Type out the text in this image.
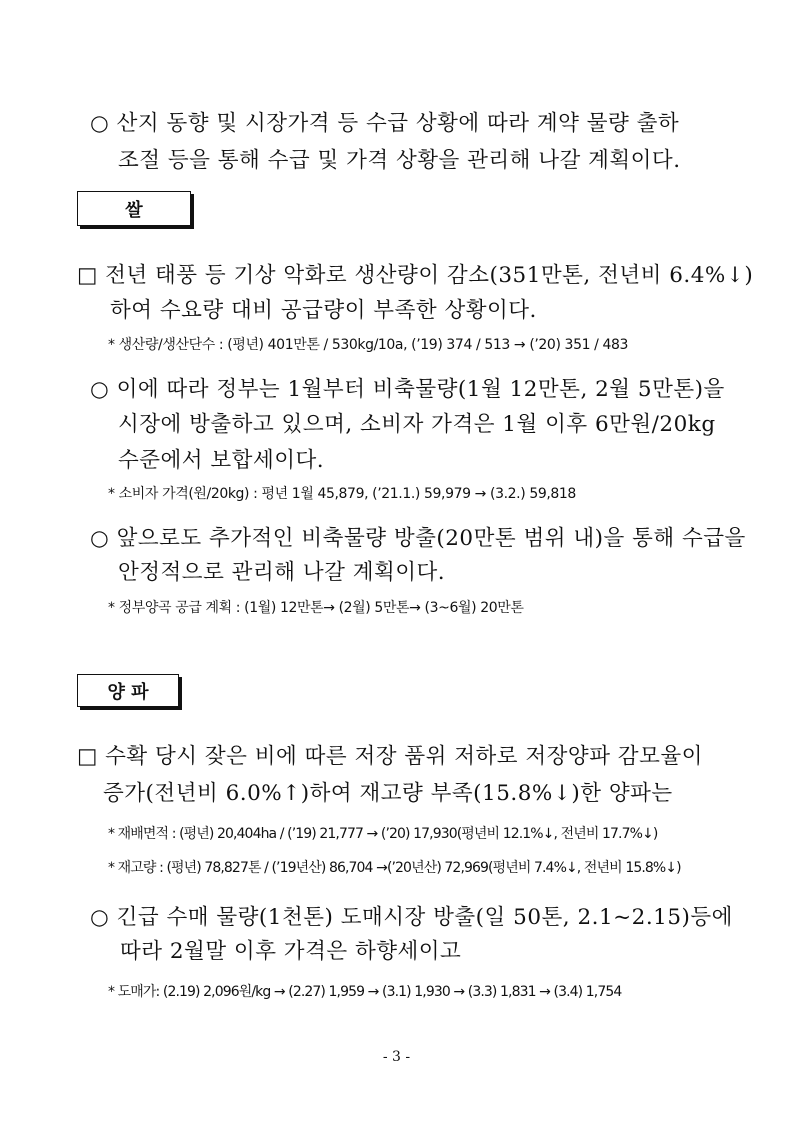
○ 산지 동향 및 시장가격 등 수급 상황에 따라 계약 물량 출하
조절 등을 통해 수급 및 가격 상황을 관리해 나갈 계획이다.
쌀
□ 전년 태풍 등 기상 악화로 생산량이 감소(351만톤, 전년비 6.4%↓)
하여 수요량 대비 공급량이 부족한 상황이다.
* 생산량/생산단수 : (평년) 401만톤 / 530kg/10a, (’19) 374 / 513 → (’20) 351 / 483
○ 이에 따라 정부는 1월부터 비축물량(1월 12만톤, 2월 5만톤)을
시장에 방출하고 있으며, 소비자 가격은 1월 이후 6만원/20kg
수준에서 보합세이다.
* 소비자 가격(원/20kg) : 평년 1월 45,879, (’21.1.) 59,979 → (3.2.) 59,818
○ 앞으로도 추가적인 비축물량 방출(20만톤 범위 내)을 통해 수급을
안정적으로 관리해 나갈 계획이다.
* 정부양곡 공급 계획 : (1월) 12만톤→ (2월) 5만톤→ (3~6월) 20만톤
양 파
□ 수확 당시 잦은 비에 따른 저장 품위 저하로 저장양파 감모율이
증가(전년비 6.0%↑)하여 재고량 부족(15.8%↓)한 양파는
* 재배면적 : (평년) 20,404ha / (’19) 21,777 → (’20) 17,930(평년비 12.1%↓, 전년비 17.7%↓)
* 재고량 : (평년) 78,827톤 / (’19년산) 86,704 →(’20년산) 72,969(평년비 7.4%↓, 전년비 15.8%↓)
○ 긴급 수매 물량(1천톤) 도매시장 방출(일 50톤, 2.1~2.15)등에
따라 2월말 이후 가격은 하향세이고
* 도매가: (2.19) 2,096원/kg → (2.27) 1,959 → (3.1) 1,930 → (3.3) 1,831 → (3.4) 1,754
- 3 -
